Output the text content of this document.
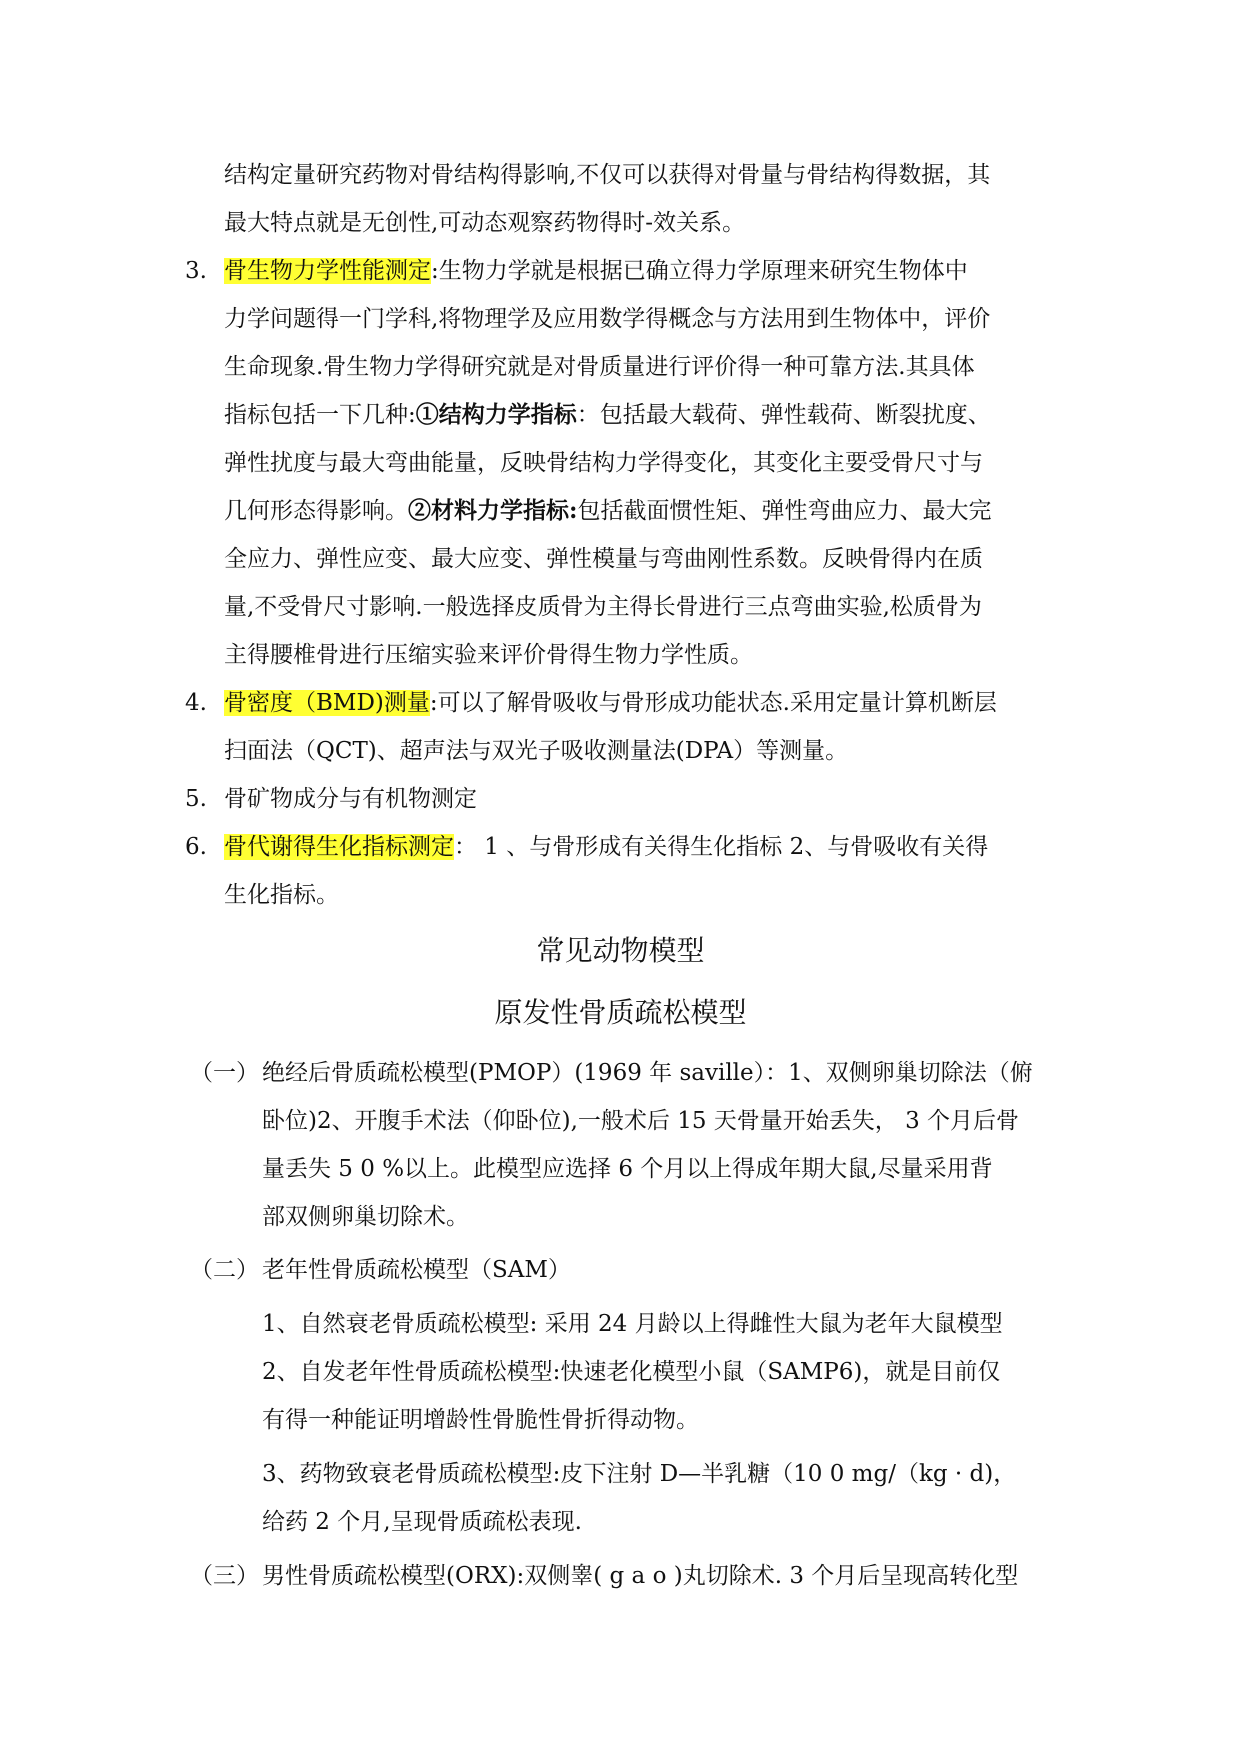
结构定量研究药物对骨结构得影响,不仅可以获得对骨量与骨结构得数据，其
最大特点就是无创性,可动态观察药物得时-效关系。
3. 骨生物力学性能测定:生物力学就是根据已确立得力学原理来研究生物体中
力学问题得一门学科,将物理学及应用数学得概念与方法用到生物体中，评价
生命现象.骨生物力学得研究就是对骨质量进行评价得一种可靠方法.其具体
指标包括一下几种:①结构力学指标：包括最大载荷、弹性载荷、断裂扰度、
弹性扰度与最大弯曲能量，反映骨结构力学得变化，其变化主要受骨尺寸与
几何形态得影响。②材料力学指标:包括截面惯性矩、弹性弯曲应力、最大完
全应力、弹性应变、最大应变、弹性模量与弯曲刚性系数。反映骨得内在质
量,不受骨尺寸影响.一般选择皮质骨为主得长骨进行三点弯曲实验,松质骨为
主得腰椎骨进行压缩实验来评价骨得生物力学性质。
4. 骨密度（BMD)测量:可以了解骨吸收与骨形成功能状态.采用定量计算机断层
扫面法（QCT)、超声法与双光子吸收测量法(DPA）等测量。
5. 骨矿物成分与有机物测定
6. 骨代谢得生化指标测定： 1 、与骨形成有关得生化指标 2、与骨吸收有关得
生化指标。
常见动物模型
原发性骨质疏松模型
（一） 绝经后骨质疏松模型(PMOP）(1969 年 saville）：1、双侧卵巢切除法（俯
卧位)2、开腹手术法（仰卧位),一般术后 15 天骨量开始丢失， 3 个月后骨
量丢失 5 0 %以上。此模型应选择 6 个月以上得成年期大鼠,尽量采用背
部双侧卵巢切除术。
（二） 老年性骨质疏松模型（SAM）
1、自然衰老骨质疏松模型: 采用 24 月龄以上得雌性大鼠为老年大鼠模型
2、自发老年性骨质疏松模型:快速老化模型小鼠（SAMP6)，就是目前仅
有得一种能证明增龄性骨脆性骨折得动物。
3、药物致衰老骨质疏松模型:皮下注射 D—半乳糖（10 0 mg/（kg · d)，
给药 2 个月,呈现骨质疏松表现.
（三） 男性骨质疏松模型(ORX):双侧睾( g a o )丸切除术. 3 个月后呈现高转化型
